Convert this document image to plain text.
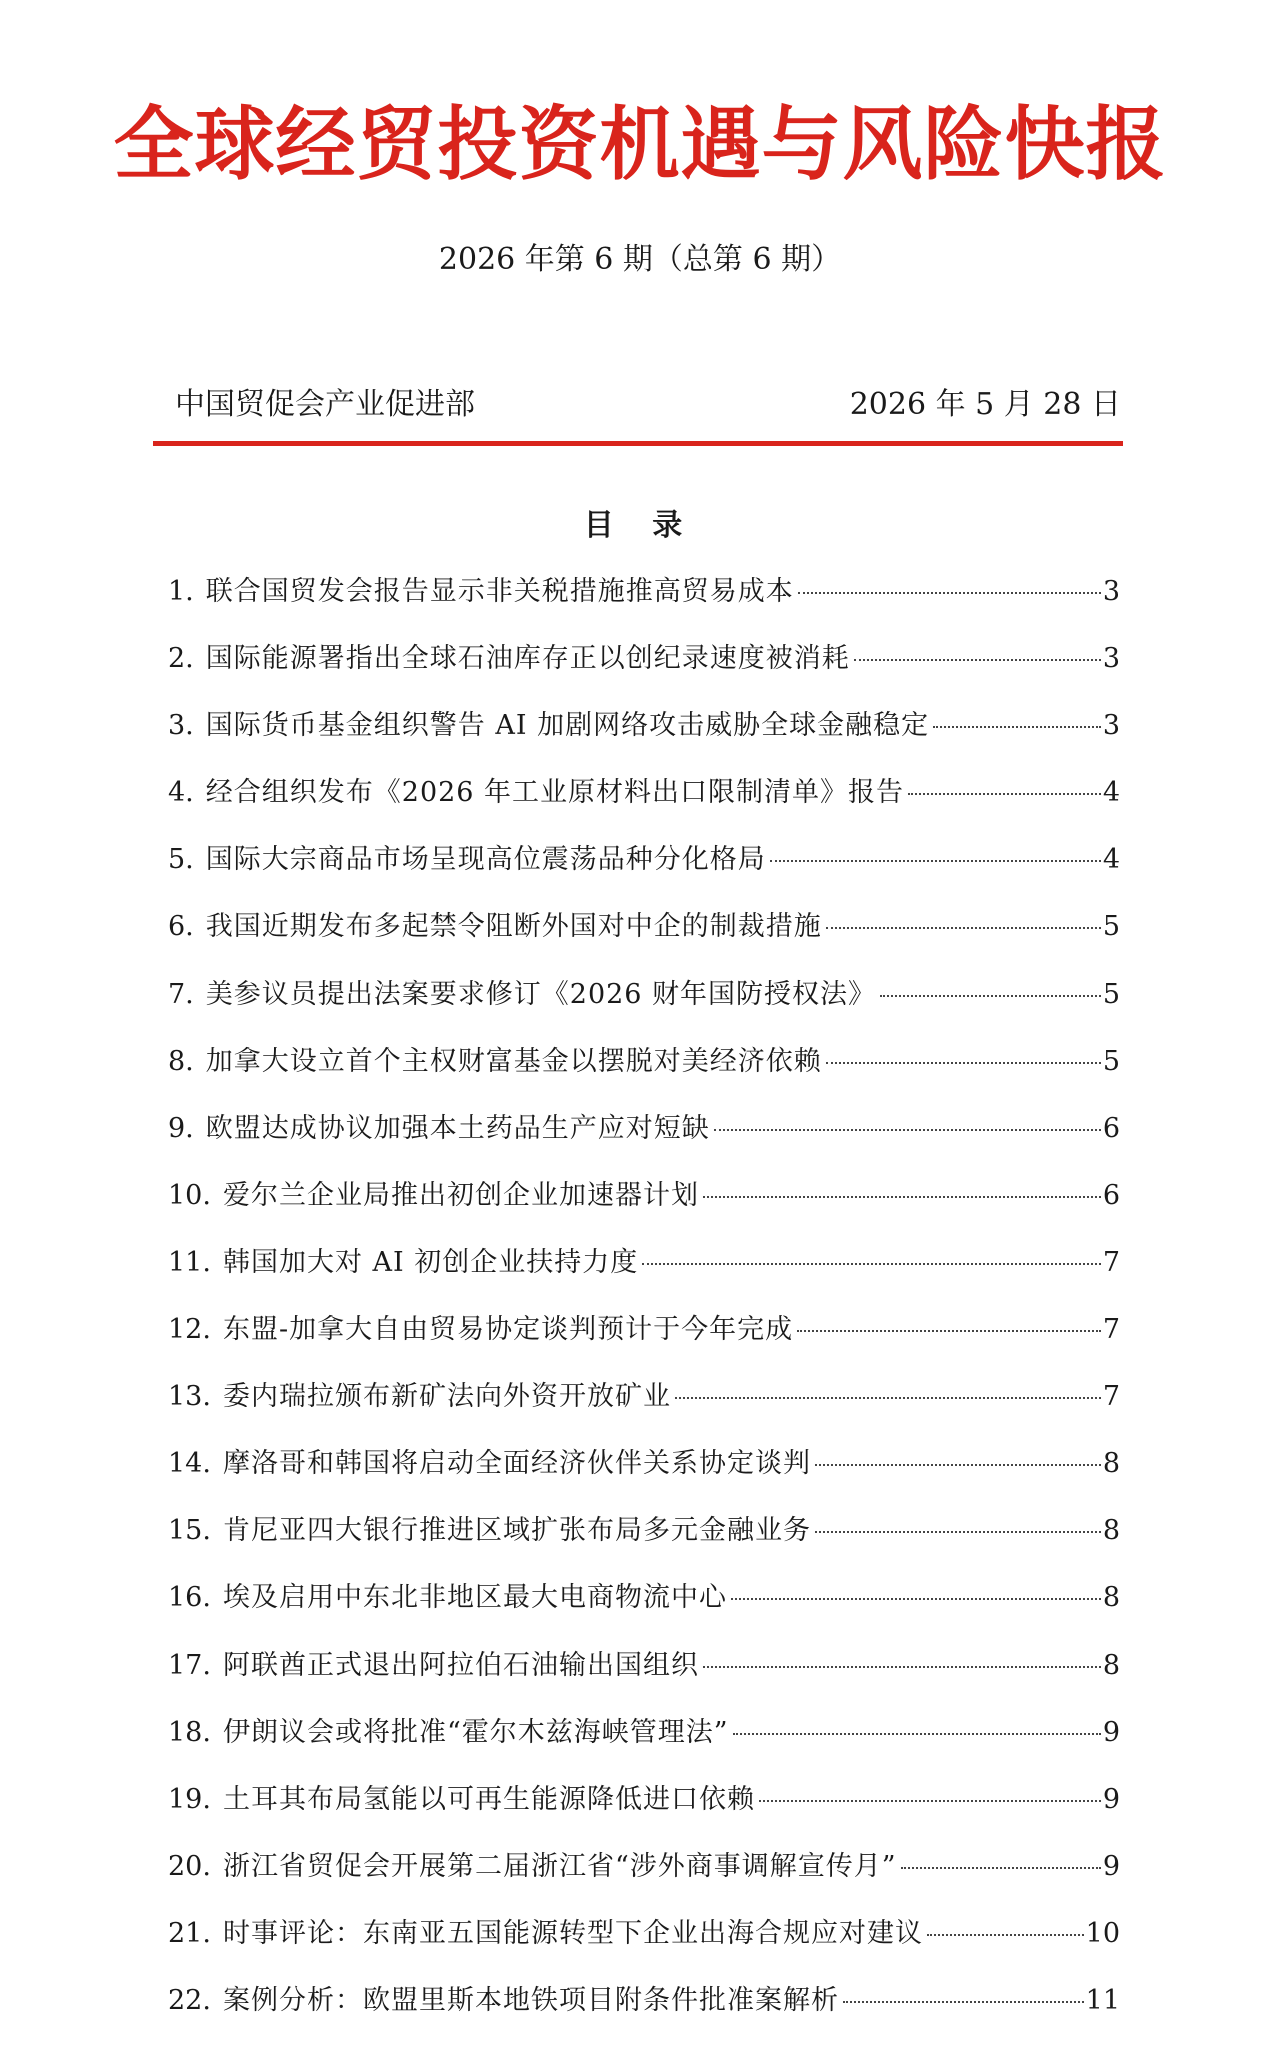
全球经贸投资机遇与风险快报
2026 年第 6 期（总第 6 期）
中国贸促会产业促进部	2026 年 5 月 28 日
目 录
1. 联合国贸发会报告显示非关税措施推高贸易成本	3
2. 国际能源署指出全球石油库存正以创纪录速度被消耗	3
3. 国际货币基金组织警告 AI 加剧网络攻击威胁全球金融稳定	3
4. 经合组织发布《2026 年工业原材料出口限制清单》报告	4
5. 国际大宗商品市场呈现高位震荡品种分化格局	4
6. 我国近期发布多起禁令阻断外国对中企的制裁措施	5
7. 美参议员提出法案要求修订《2026 财年国防授权法》	5
8. 加拿大设立首个主权财富基金以摆脱对美经济依赖	5
9. 欧盟达成协议加强本土药品生产应对短缺	6
10. 爱尔兰企业局推出初创企业加速器计划	6
11. 韩国加大对 AI 初创企业扶持力度	7
12. 东盟-加拿大自由贸易协定谈判预计于今年完成	7
13. 委内瑞拉颁布新矿法向外资开放矿业	7
14. 摩洛哥和韩国将启动全面经济伙伴关系协定谈判	8
15. 肯尼亚四大银行推进区域扩张布局多元金融业务	8
16. 埃及启用中东北非地区最大电商物流中心	8
17. 阿联酋正式退出阿拉伯石油输出国组织	8
18. 伊朗议会或将批准“霍尔木兹海峡管理法”	9
19. 土耳其布局氢能以可再生能源降低进口依赖	9
20. 浙江省贸促会开展第二届浙江省“涉外商事调解宣传月”	9
21. 时事评论：东南亚五国能源转型下企业出海合规应对建议	10
22. 案例分析：欧盟里斯本地铁项目附条件批准案解析	11
